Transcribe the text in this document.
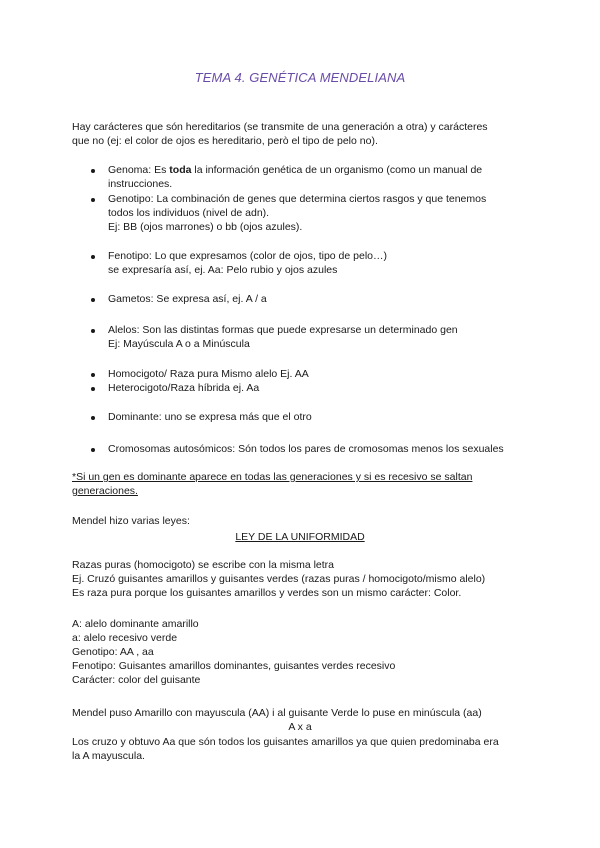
TEMA 4. GENÉTICA MENDELIANA
Hay carácteres que són hereditarios (se transmite de una generación a otra) y carácteres
que no (ej: el color de ojos es hereditario, però el tipo de pelo no).
Genoma: Es toda la información genética de un organismo (como un manual de
instrucciones.
Genotipo: La combinación de genes que determina ciertos rasgos y que tenemos
todos los individuos (nivel de adn).
Ej: BB (ojos marrones) o bb (ojos azules).
Fenotipo: Lo que expresamos (color de ojos, tipo de pelo…)
se expresaría así, ej. Aa: Pelo rubio y ojos azules
Gametos: Se expresa así, ej. A / a
Alelos: Son las distintas formas que puede expresarse un determinado gen
Ej: Mayúscula A o a Minúscula
Homocigoto/ Raza pura Mismo alelo Ej. AA
Heterocigoto/Raza híbrida ej. Aa
Dominante: uno se expresa más que el otro
Cromosomas autosómicos: Són todos los pares de cromosomas menos los sexuales
*Si un gen es dominante aparece en todas las generaciones y si es recesivo se saltan
generaciones.
Mendel hizo varias leyes:
LEY DE LA UNIFORMIDAD
Razas puras (homocigoto) se escribe con la misma letra
Ej. Cruzó guisantes amarillos y guisantes verdes (razas puras / homocigoto/mismo alelo)
Es raza pura porque los guisantes amarillos y verdes son un mismo carácter: Color.
A: alelo dominante amarillo
a: alelo recesivo verde
Genotipo: AA , aa
Fenotipo: Guisantes amarillos dominantes, guisantes verdes recesivo
Carácter: color del guisante
Mendel puso Amarillo con mayuscula (AA) i al guisante Verde lo puse en minúscula (aa)
A x a
Los cruzo y obtuvo Aa que són todos los guisantes amarillos ya que quien predominaba era
la A mayuscula.
